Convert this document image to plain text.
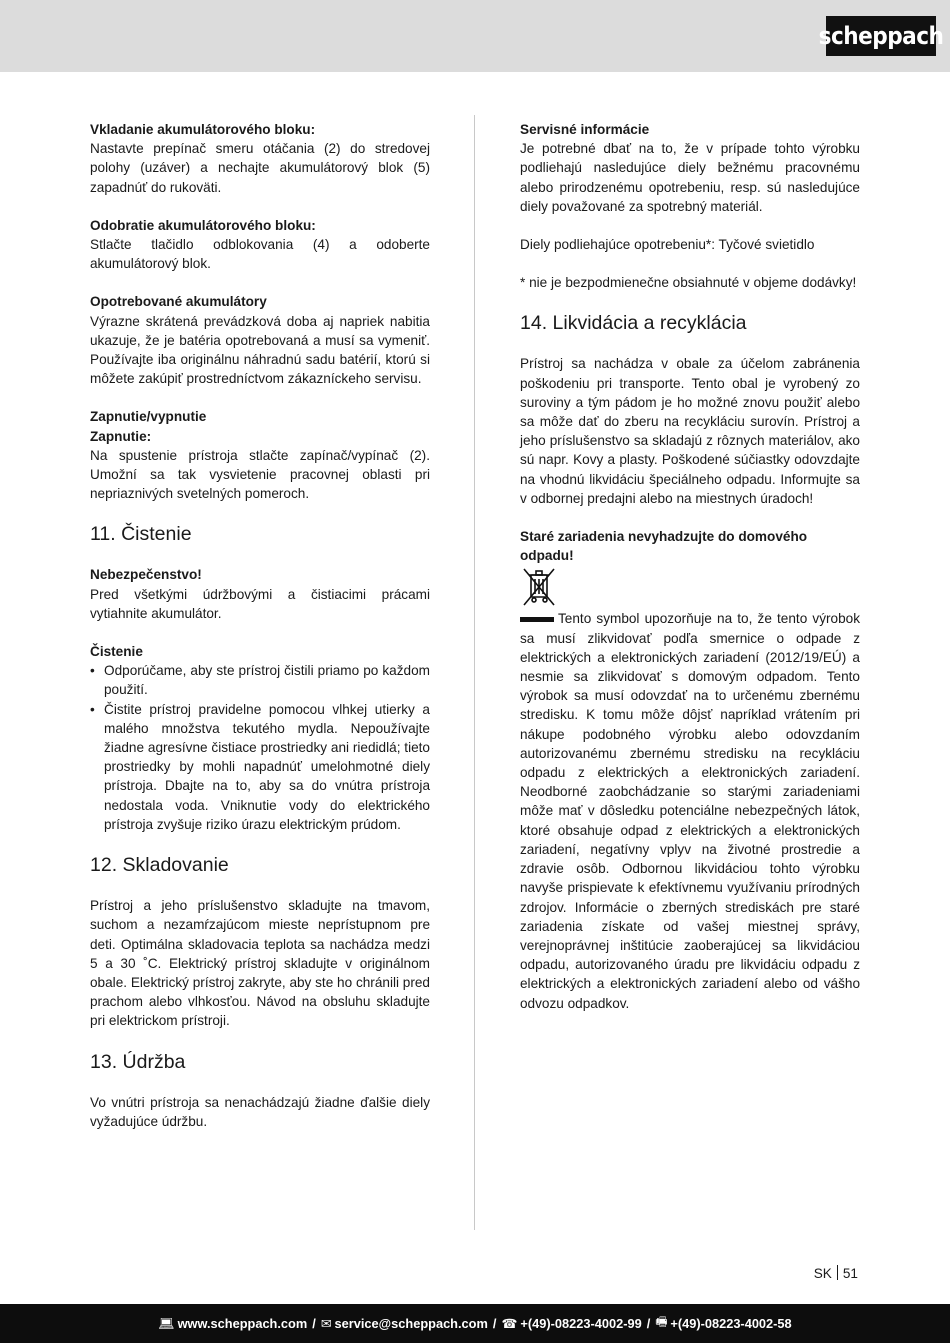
scheppach

Vkladanie akumulátorového bloku:

Nastavte prepínač smeru otáčania (2) do stredovej polohy (uzáver) a nechajte akumulátorový blok (5) zapadnúť do rukoväti.

Odobratie akumulátorového bloku:

Stlačte tlačidlo odblokovania (4) a odoberte akumulátorový blok.

Opotrebované akumulátory

Výrazne skrátená prevádzková doba aj napriek nabitia ukazuje, že je batéria opotrebovaná a musí sa vymeniť. Používajte iba originálnu náhradnú sadu batérií, ktorú si môžete zakúpiť prostredníctvom zákazníckeho servisu.

Zapnutie/vypnutie

Zapnutie:

Na spustenie prístroja stlačte zapínač/vypínač (2). Umožní sa tak vysvietenie pracovnej oblasti pri nepriaznivých svetelných pomeroch.

11. Čistenie

Nebezpečenstvo!

Pred všetkými údržbovými a čistiacimi prácami vytiahnite akumulátor.

Čistenie

• Odporúčame, aby ste prístroj čistili priamo po každom použití.
• Čistite prístroj pravidelne pomocou vlhkej utierky a malého množstva tekutého mydla. Nepoužívajte žiadne agresívne čistiace prostriedky ani riedidlá; tieto prostriedky by mohli napadnúť umelohmotné diely prístroja. Dbajte na to, aby sa do vnútra prístroja nedostala voda. Vniknutie vody do elektrického prístroja zvyšuje riziko úrazu elektrickým prúdom.
12. Skladovanie

Prístroj a jeho príslušenstvo skladujte na tmavom, suchom a nezamŕzajúcom mieste neprístupnom pre deti. Optimálna skladovacia teplota sa nachádza medzi 5 a 30 ˚C. Elektrický prístroj skladujte v originálnom obale. Elektrický prístroj zakryte, aby ste ho chránili pred prachom alebo vlhkosťou. Návod na obsluhu skladujte pri elektrickom prístroji.

13. Údržba

Vo vnútri prístroja sa nenachádzajú žiadne ďalšie diely vyžadujúce údržbu.

Servisné informácie

Je potrebné dbať na to, že v prípade tohto výrobku podliehajú nasledujúce diely bežnému pracovnému alebo prirodzenému opotrebeniu, resp. sú nasledujúce diely považované za spotrebný materiál.

Diely podliehajúce opotrebeniu*: Tyčové svietidlo

* nie je bezpodmienečne obsiahnuté v objeme dodávky!

14. Likvidácia a recyklácia

Prístroj sa nachádza v obale za účelom zabránenia poškodeniu pri transporte. Tento obal je vyrobený zo suroviny a tým pádom je ho možné znovu použiť alebo sa môže dať do zberu na recykláciu surovín. Prístroj a jeho príslušenstvo sa skladajú z rôznych materiálov, ako sú napr. Kovy a plasty. Poškodené súčiastky odovzdajte na vhodnú likvidáciu špeciálneho odpadu. Informujte sa v odbornej predajni alebo na miestnych úradoch!

Staré zariadenia nevyhadzujte do domového odpadu!

Tento symbol upozorňuje na to, že tento výrobok sa musí zlikvidovať podľa smernice o odpade z elektrických a elektronických zariadení (2012/19/EÚ) a nesmie sa zlikvidovať s domovým odpadom. Tento výrobok sa musí odovzdať na to určenému zbernému stredisku. K tomu môže dôjsť napríklad vrátením pri nákupe podobného výrobku alebo odovzdaním autorizovanému zbernému stredisku na recykláciu odpadu z elektrických a elektronických zariadení. Neodborné zaobchádzanie so starými zariadeniami môže mať v dôsledku potenciálne nebezpečných látok, ktoré obsahuje odpad z elektrických a elektronických zariadení, negatívny vplyv na životné prostredie a zdravie osôb. Odbornou likvidáciou tohto výrobku navyše prispievate k efektívnemu využívaniu prírodných zdrojov. Informácie o zberných strediskách pre staré zariadenia získate od vašej miestnej správy, verejnoprávnej inštitúcie zaoberajúcej sa likvidáciou odpadu, autorizovaného úradu pre likvidáciu odpadu z elektrických a elektronických zariadení alebo od vášho odvozu odpadkov.

SK 51
💻︎ www.scheppach.com / ✉︎ service@scheppach.com / ☎︎ +(49)-08223-4002-99 / 🖷︎ +(49)-08223-4002-58
